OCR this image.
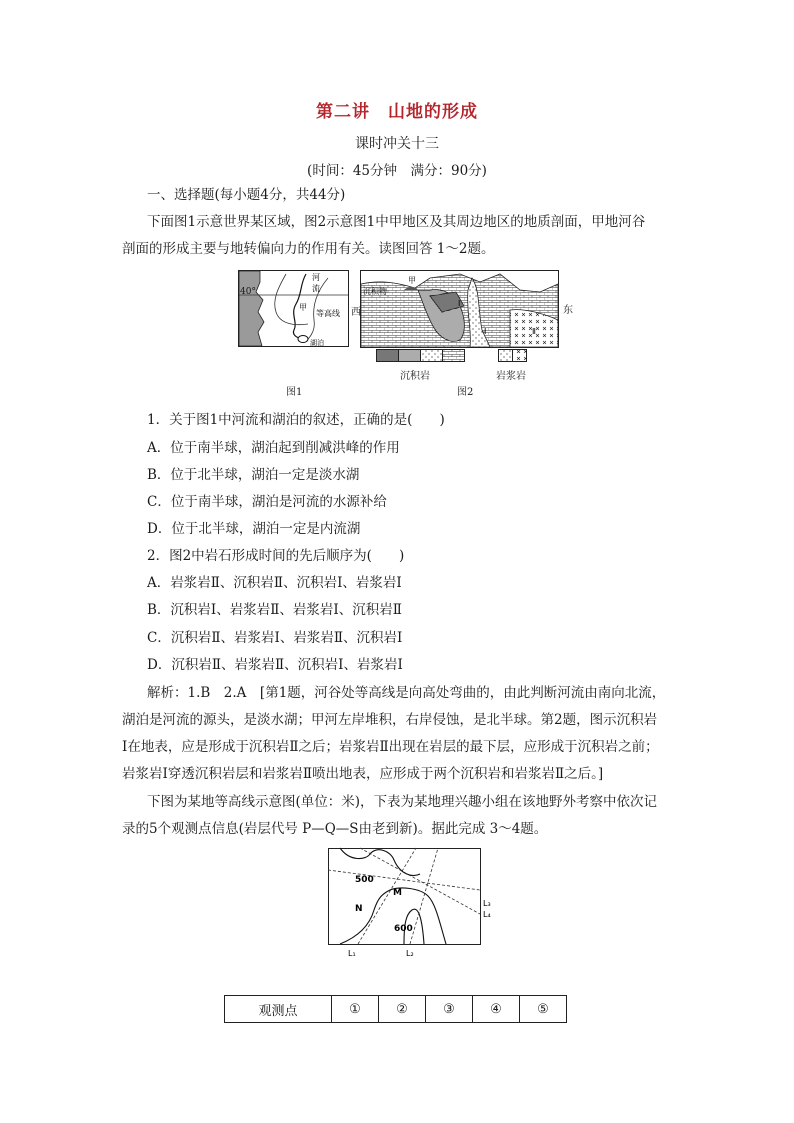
第二讲　山地的形成
课时冲关十三
(时间：45分钟　满分：90分)
一、选择题(每小题4分，共44分)
下面图1示意世界某区域，图2示意图1中甲地区及其周边地区的地质剖面，甲地河谷
剖面的形成主要与地转偏向力的作用有关。读图回答 1～2题。
河
流
甲
等高线
湖泊
40°
西
图1
甲
沉积物
Ⅰ
Ⅰ	Ⅱ
东
沉积岩	岩浆岩
图2
1．关于图1中河流和湖泊的叙述，正确的是(　　)
A．位于南半球，湖泊起到削减洪峰的作用
B．位于北半球，湖泊一定是淡水湖
C．位于南半球，湖泊是河流的水源补给
D．位于北半球，湖泊一定是内流湖
2．图2中岩石形成时间的先后顺序为(　　)
A．岩浆岩Ⅱ、沉积岩Ⅱ、沉积岩Ⅰ、岩浆岩Ⅰ
B．沉积岩Ⅰ、岩浆岩Ⅱ、岩浆岩Ⅰ、沉积岩Ⅱ
C．沉积岩Ⅱ、岩浆岩Ⅰ、岩浆岩Ⅱ、沉积岩Ⅰ
D．沉积岩Ⅱ、岩浆岩Ⅱ、沉积岩Ⅰ、岩浆岩Ⅰ
解析：1.B　2.A　[第1题，河谷处等高线是向高处弯曲的，由此判断河流由南向北流，
湖泊是河流的源头，是淡水湖；甲河左岸堆积，右岸侵蚀，是北半球。第2题，图示沉积岩
Ⅰ在地表，应是形成于沉积岩Ⅱ之后；岩浆岩Ⅱ出现在岩层的最下层，应形成于沉积岩之前；
岩浆岩Ⅰ穿透沉积岩层和岩浆岩Ⅱ喷出地表，应形成于两个沉积岩和岩浆岩Ⅱ之后。]
下图为某地等高线示意图(单位：米)，下表为某地理兴趣小组在该地野外考察中依次记
录的5个观测点信息(岩层代号 P—Q—S由老到新)。据此完成 3～4题。
500
M
N
600
L₃
L₄
L₁	L₂
观测点	①	②	③	④	⑤
